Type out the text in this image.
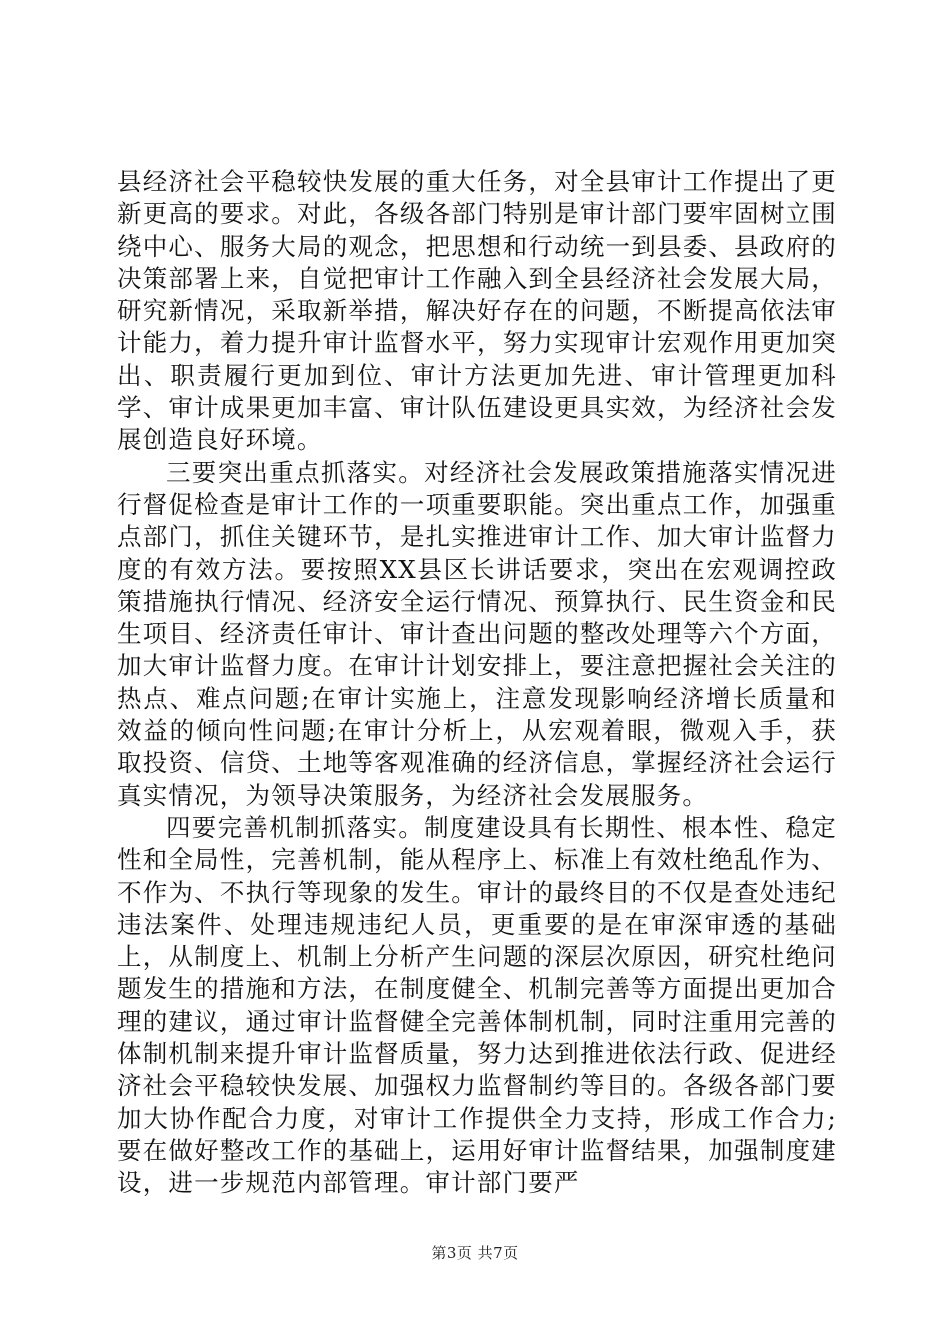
县经济社会平稳较快发展的重大任务，对全县审计工作提出了更新更高的要求。对此，各级各部门特别是审计部门要牢固树立围绕中心、服务大局的观念，把思想和行动统一到县委、县政府的决策部署上来，自觉把审计工作融入到全县经济社会发展大局，研究新情况，采取新举措，解决好存在的问题，不断提高依法审计能力，着力提升审计监督水平，努力实现审计宏观作用更加突出、职责履行更加到位、审计方法更加先进、审计管理更加科学、审计成果更加丰富、审计队伍建设更具实效，为经济社会发展创造良好环境。

三要突出重点抓落实。对经济社会发展政策措施落实情况进行督促检查是审计工作的一项重要职能。突出重点工作，加强重点部门，抓住关键环节，是扎实推进审计工作、加大审计监督力度的有效方法。要按照XX县区长讲话要求，突出在宏观调控政策措施执行情况、经济安全运行情况、预算执行、民生资金和民生项目、经济责任审计、审计查出问题的整改处理等六个方面，加大审计监督力度。在审计计划安排上，要注意把握社会关注的热点、难点问题;在审计实施上，注意发现影响经济增长质量和效益的倾向性问题;在审计分析上，从宏观着眼，微观入手，获取投资、信贷、土地等客观准确的经济信息，掌握经济社会运行真实情况，为领导决策服务，为经济社会发展服务。

四要完善机制抓落实。制度建设具有长期性、根本性、稳定性和全局性，完善机制，能从程序上、标准上有效杜绝乱作为、不作为、不执行等现象的发生。审计的最终目的不仅是查处违纪违法案件、处理违规违纪人员，更重要的是在审深审透的基础上，从制度上、机制上分析产生问题的深层次原因，研究杜绝问题发生的措施和方法，在制度健全、机制完善等方面提出更加合理的建议，通过审计监督健全完善体制机制，同时注重用完善的体制机制来提升审计监督质量，努力达到推进依法行政、促进经济社会平稳较快发展、加强权力监督制约等目的。各级各部门要加大协作配合力度，对审计工作提供全力支持，形成工作合力;要在做好整改工作的基础上，运用好审计监督结果，加强制度建设，进一步规范内部管理。审计部门要严

第3页 共7页
